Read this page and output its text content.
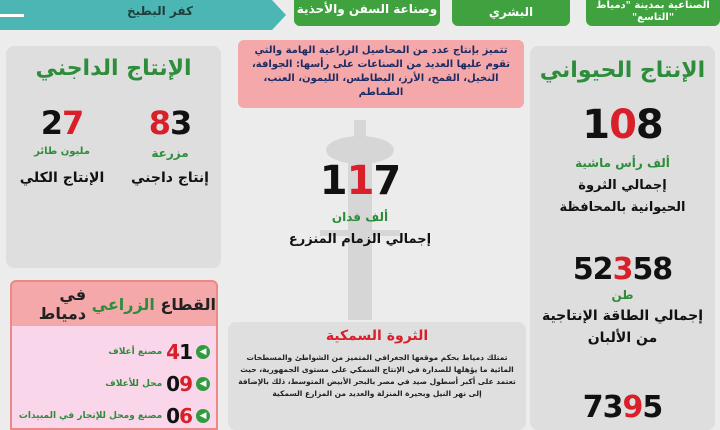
كفر البطيخ	وصناعة السفن والأحذية	البشري	الصناعية بمدينة "دمياط
"التاسع"
الإنتاج الحيواني
108
ألف رأس ماشية
إجمالي الثروة
الحيوانية بالمحافظة
52358
طن
إجمالي الطاقة الإنتاجية
من الألبان
7395
تتميز بإنتاج عدد من المحاصيل الزراعية الهامة والتي تقوم عليها العديد من الصناعات على رأسها: الجوافة، النخيل، القمح، الأرز، البطاطس، الليمون، العنب، الطماطم
117
ألف فدان
إجمالي الزمام المنزرع
الإنتاج الداجني
83
مزرعة
إنتاج داجني
27
مليون طائر
الإنتاج الكلي
القطاع

الزراعي

في دمياط
◀
41
مصنع أعلاف
◀
09
محل للأعلاف
◀
06
مصنع ومحل للإتجار في المبيدات
الثروة السمكية
تمتلك دمياط بحكم موقعها الجغرافي المتميز من الشواطئ والمسطحات المائية ما يؤهلها للصدارة في الإنتاج السمكي على مستوى الجمهورية، حيث تعتمد على أكبر أسطول صيد في مصر بالبحر الأبيض المتوسط، ذلك بالإضافة إلى نهر النيل وبحيرة المنزلة والعديد من المزارع السمكية
